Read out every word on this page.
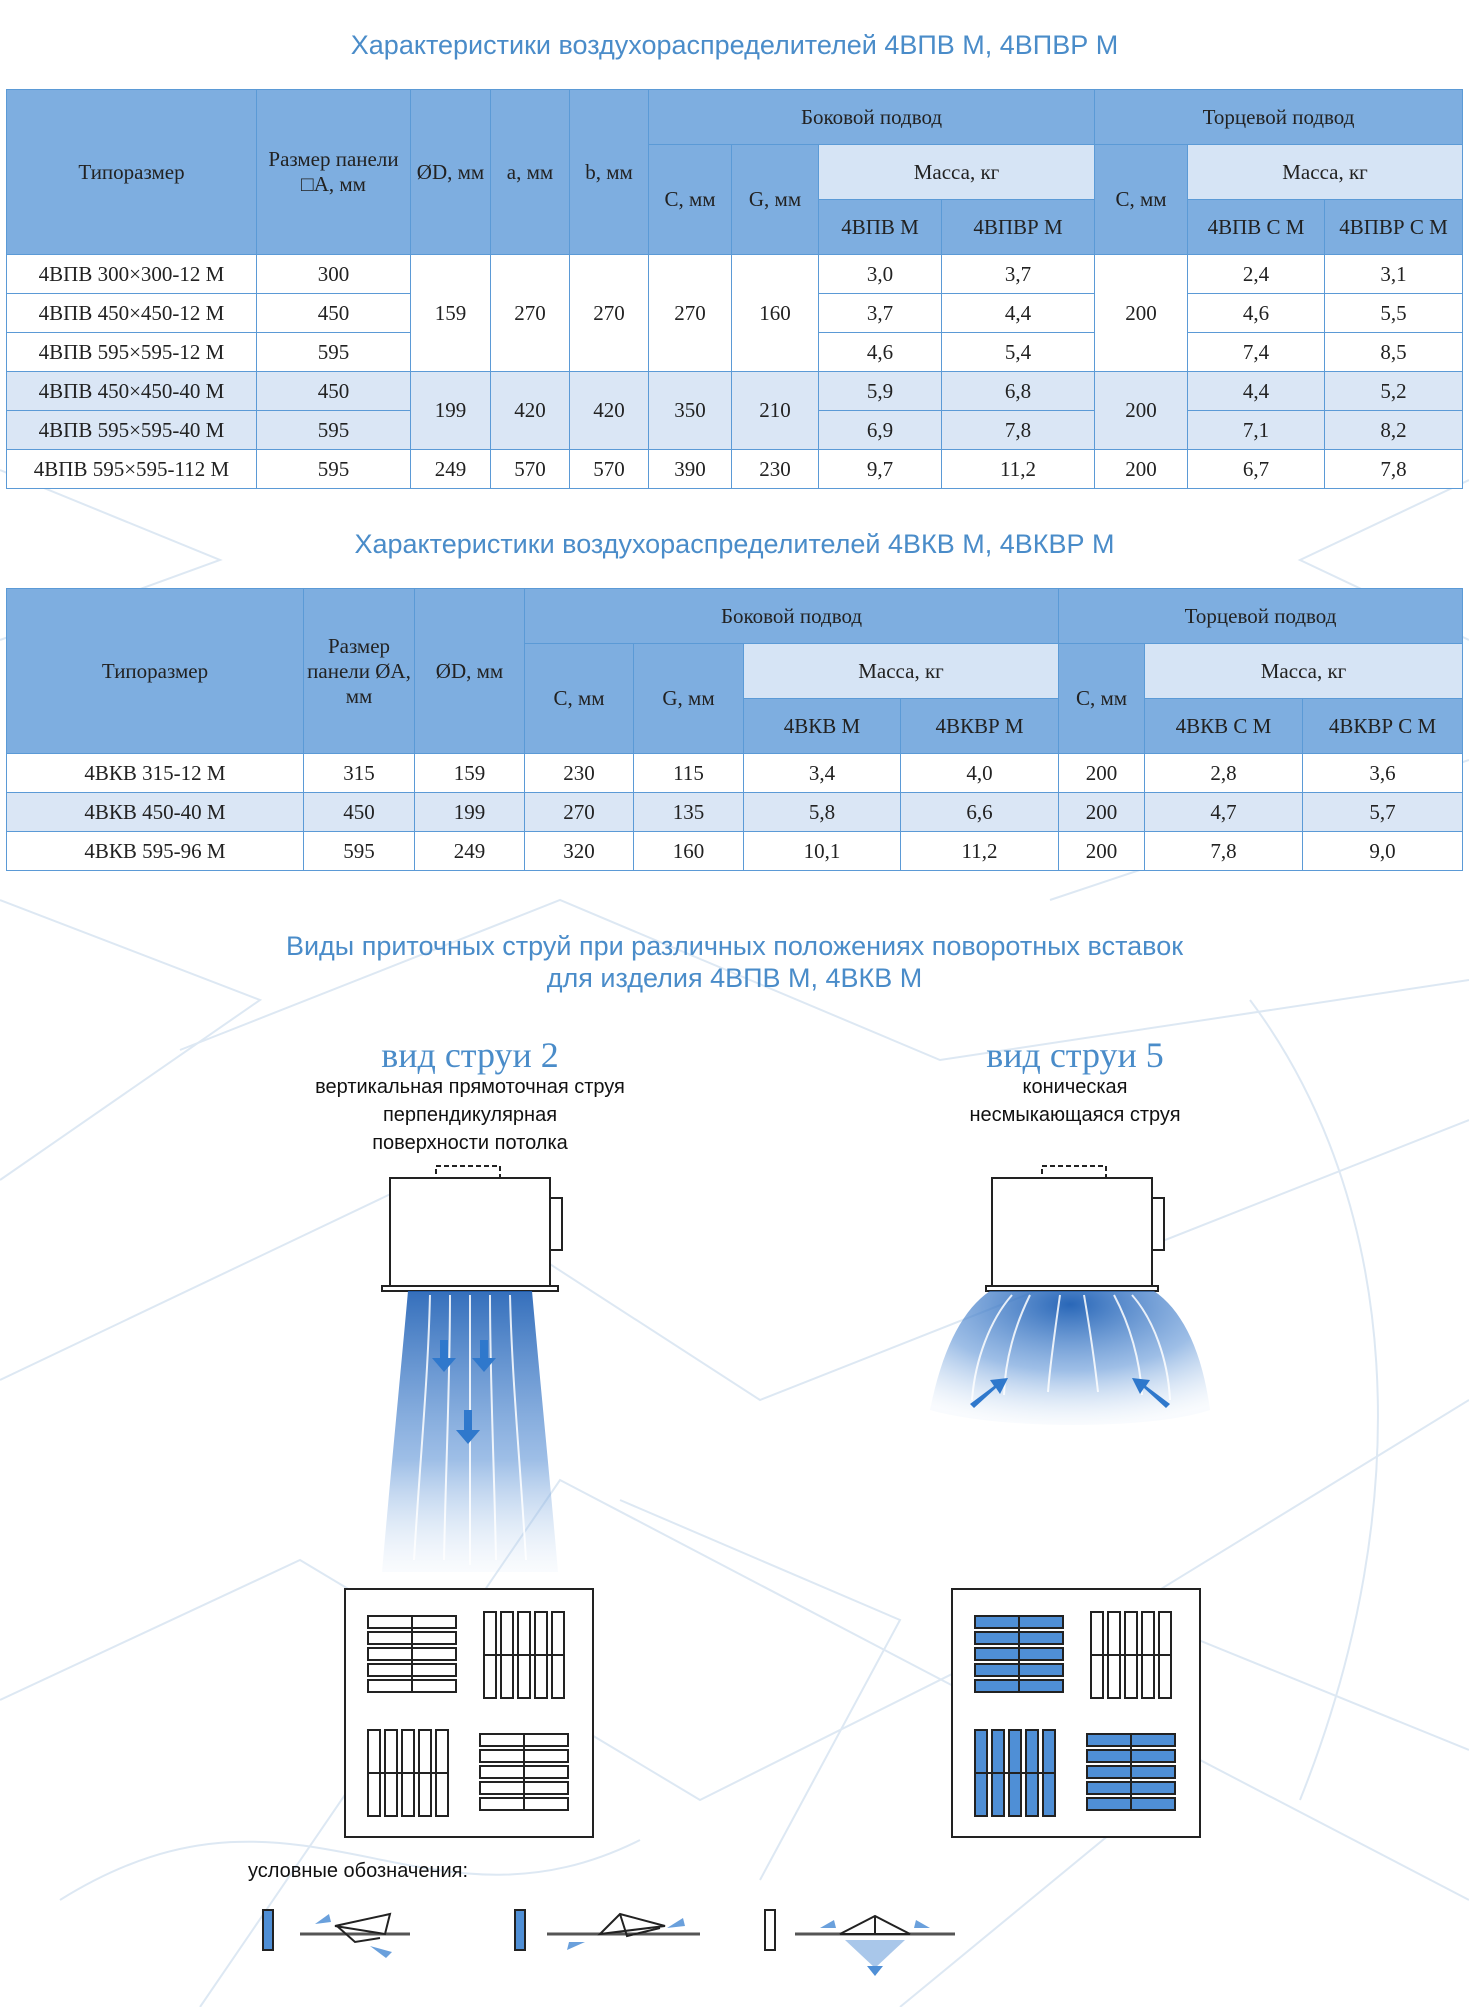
Характеристики воздухораспределителей 4ВПВ М, 4ВПВР М
Типоразмер	Размер панели □А, мм	ØD, мм	а, мм	b, мм	Боковой подвод				Торцевой подвод		
					С, мм	G, мм	Масса, кг		С, мм	Масса, кг	
							4ВПВ М	4ВПВР М		4ВПВ С М	4ВПВР С М
4ВПВ 300×300-12 М	300	159	270	270	270	160	3,0	3,7	200	2,4	3,1
4ВПВ 450×450-12 М	450						3,7	4,4		4,6	5,5
4ВПВ 595×595-12 М	595						4,6	5,4		7,4	8,5
4ВПВ 450×450-40 М	450	199	420	420	350	210	5,9	6,8	200	4,4	5,2
4ВПВ 595×595-40 М	595						6,9	7,8		7,1	8,2
4ВПВ 595×595-112 М	595	249	570	570	390	230	9,7	11,2	200	6,7	7,8
Характеристики воздухораспределителей 4ВКВ М, 4ВКВР М
Типоразмер	Размер панели ØА, мм	ØD, мм	Боковой подвод				Торцевой подвод		
			С, мм	G, мм	Масса, кг		С, мм	Масса, кг	
					4ВКВ М	4ВКВР М		4ВКВ С М	4ВКВР С М
4ВКВ 315-12 М	315	159	230	115	3,4	4,0	200	2,8	3,6
4ВКВ 450-40 М	450	199	270	135	5,8	6,6	200	4,7	5,7
4ВКВ 595-96 М	595	249	320	160	10,1	11,2	200	7,8	9,0
Виды приточных струй при различных положениях поворотных вставок
для изделия 4ВПВ М, 4ВКВ М
вид струи 2
вертикальная прямоточная струя
перпендикулярная
поверхности потолка
вид струи 5
коническая
несмыкающаяся струя
условные обозначения:
